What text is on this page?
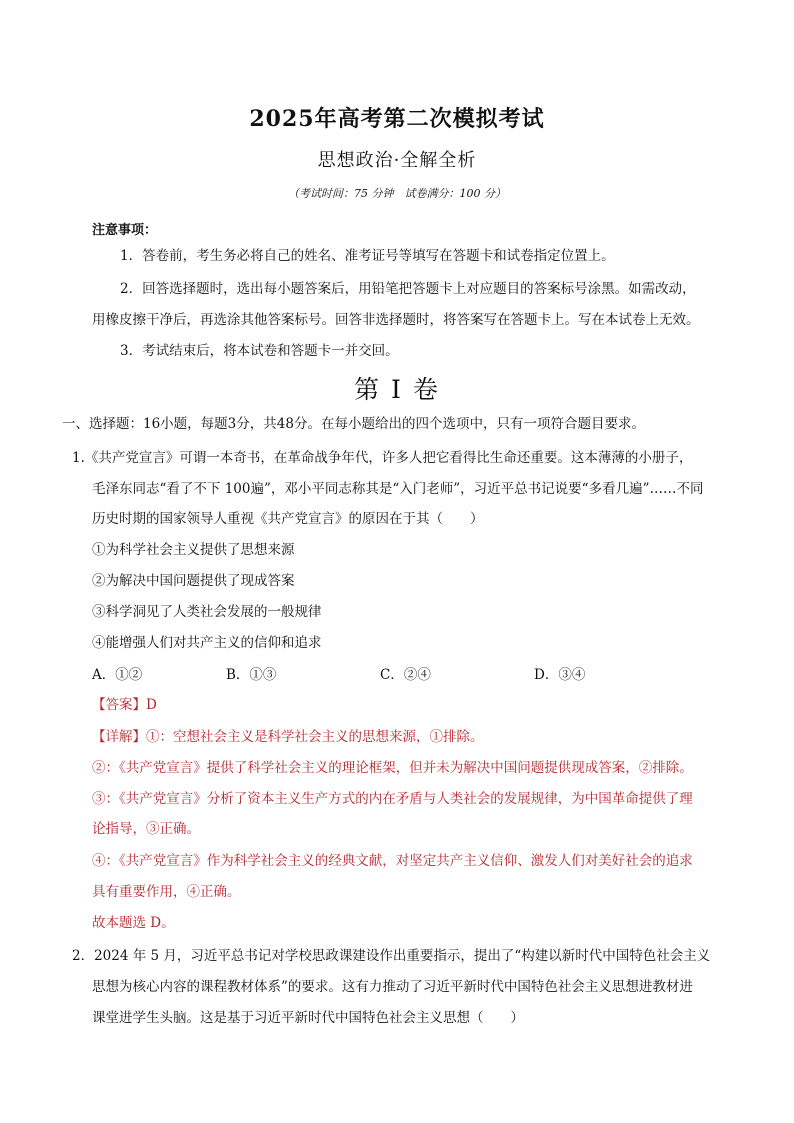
2025年高考第二次模拟考试
思想政治·全解全析
（考试时间：75 分钟　试卷满分：100 分）
注意事项：
1．答卷前，考生务必将自己的姓名、准考证号等填写在答题卡和试卷指定位置上。
2．回答选择题时，选出每小题答案后，用铅笔把答题卡上对应题目的答案标号涂黑。如需改动，
用橡皮擦干净后，再选涂其他答案标号。回答非选择题时，将答案写在答题卡上。写在本试卷上无效。
3．考试结束后，将本试卷和答题卡一并交回。
第 I 卷
一、选择题：16小题，每题3分，共48分。在每小题给出的四个选项中，只有一项符合题目要求。
1.《共产党宣言》可谓一本奇书，在革命战争年代，许多人把它看得比生命还重要。这本薄薄的小册子，
毛泽东同志“看了不下 100遍”，邓小平同志称其是“入门老师”，习近平总书记说要“多看几遍”……不同
历史时期的国家领导人重视《共产党宣言》的原因在于其（　　）
①为科学社会主义提供了思想来源
②为解决中国问题提供了现成答案
③科学洞见了人类社会发展的一般规律
④能增强人们对共产主义的信仰和追求
A．①②	B．①③	C．②④	D．③④
【答案】D
【详解】①：空想社会主义是科学社会主义的思想来源，①排除。
②：《共产党宣言》提供了科学社会主义的理论框架，但并未为解决中国问题提供现成答案，②排除。
③：《共产党宣言》分析了资本主义生产方式的内在矛盾与人类社会的发展规律，为中国革命提供了理
论指导，③正确。
④：《共产党宣言》作为科学社会主义的经典文献，对坚定共产主义信仰、激发人们对美好社会的追求
具有重要作用，④正确。
故本题选 D。
2．2024 年 5 月，习近平总书记对学校思政课建设作出重要指示，提出了“构建以新时代中国特色社会主义
思想为核心内容的课程教材体系”的要求。这有力推动了习近平新时代中国特色社会主义思想进教材进
课堂进学生头脑。这是基于习近平新时代中国特色社会主义思想（　　）
